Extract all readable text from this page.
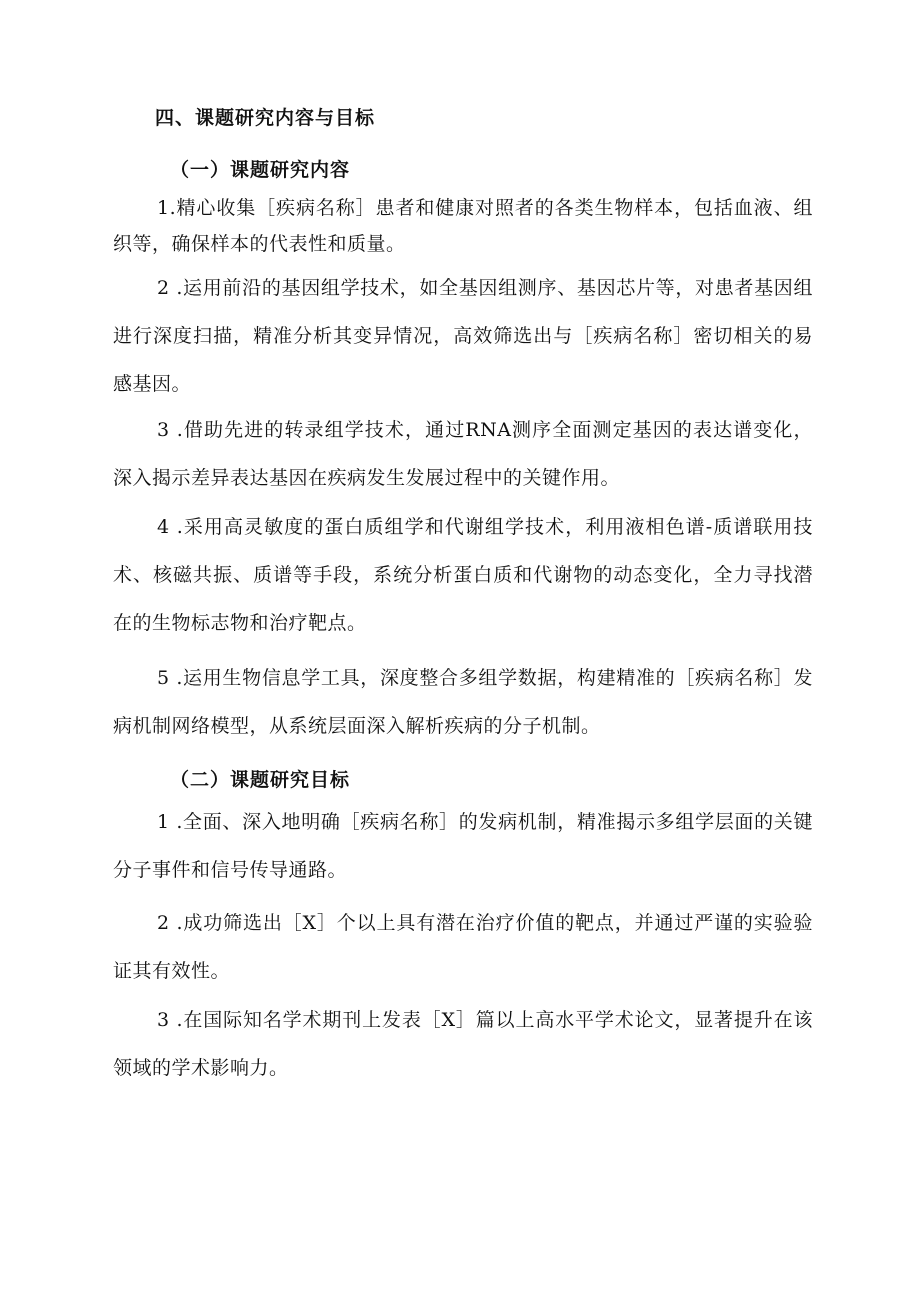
四、课题研究内容与目标
（一）课题研究内容

1.精心收集［疾病名称］患者和健康对照者的各类生物样本，包括血液、组织等，确保样本的代表性和质量。

2 .运用前沿的基因组学技术，如全基因组测序、基因芯片等，对患者基因组进行深度扫描，精准分析其变异情况，高效筛选出与［疾病名称］密切相关的易感基因。

3 .借助先进的转录组学技术，通过RNA测序全面测定基因的表达谱变化，深入揭示差异表达基因在疾病发生发展过程中的关键作用。

4 .采用高灵敏度的蛋白质组学和代谢组学技术，利用液相色谱-质谱联用技术、核磁共振、质谱等手段，系统分析蛋白质和代谢物的动态变化，全力寻找潜在的生物标志物和治疗靶点。

5 .运用生物信息学工具，深度整合多组学数据，构建精准的［疾病名称］发病机制网络模型，从系统层面深入解析疾病的分子机制。

（二）课题研究目标

1 .全面、深入地明确［疾病名称］的发病机制，精准揭示多组学层面的关键分子事件和信号传导通路。

2 .成功筛选出［X］个以上具有潜在治疗价值的靶点，并通过严谨的实验验证其有效性。

3 .在国际知名学术期刊上发表［X］篇以上高水平学术论文，显著提升在该领域的学术影响力。
